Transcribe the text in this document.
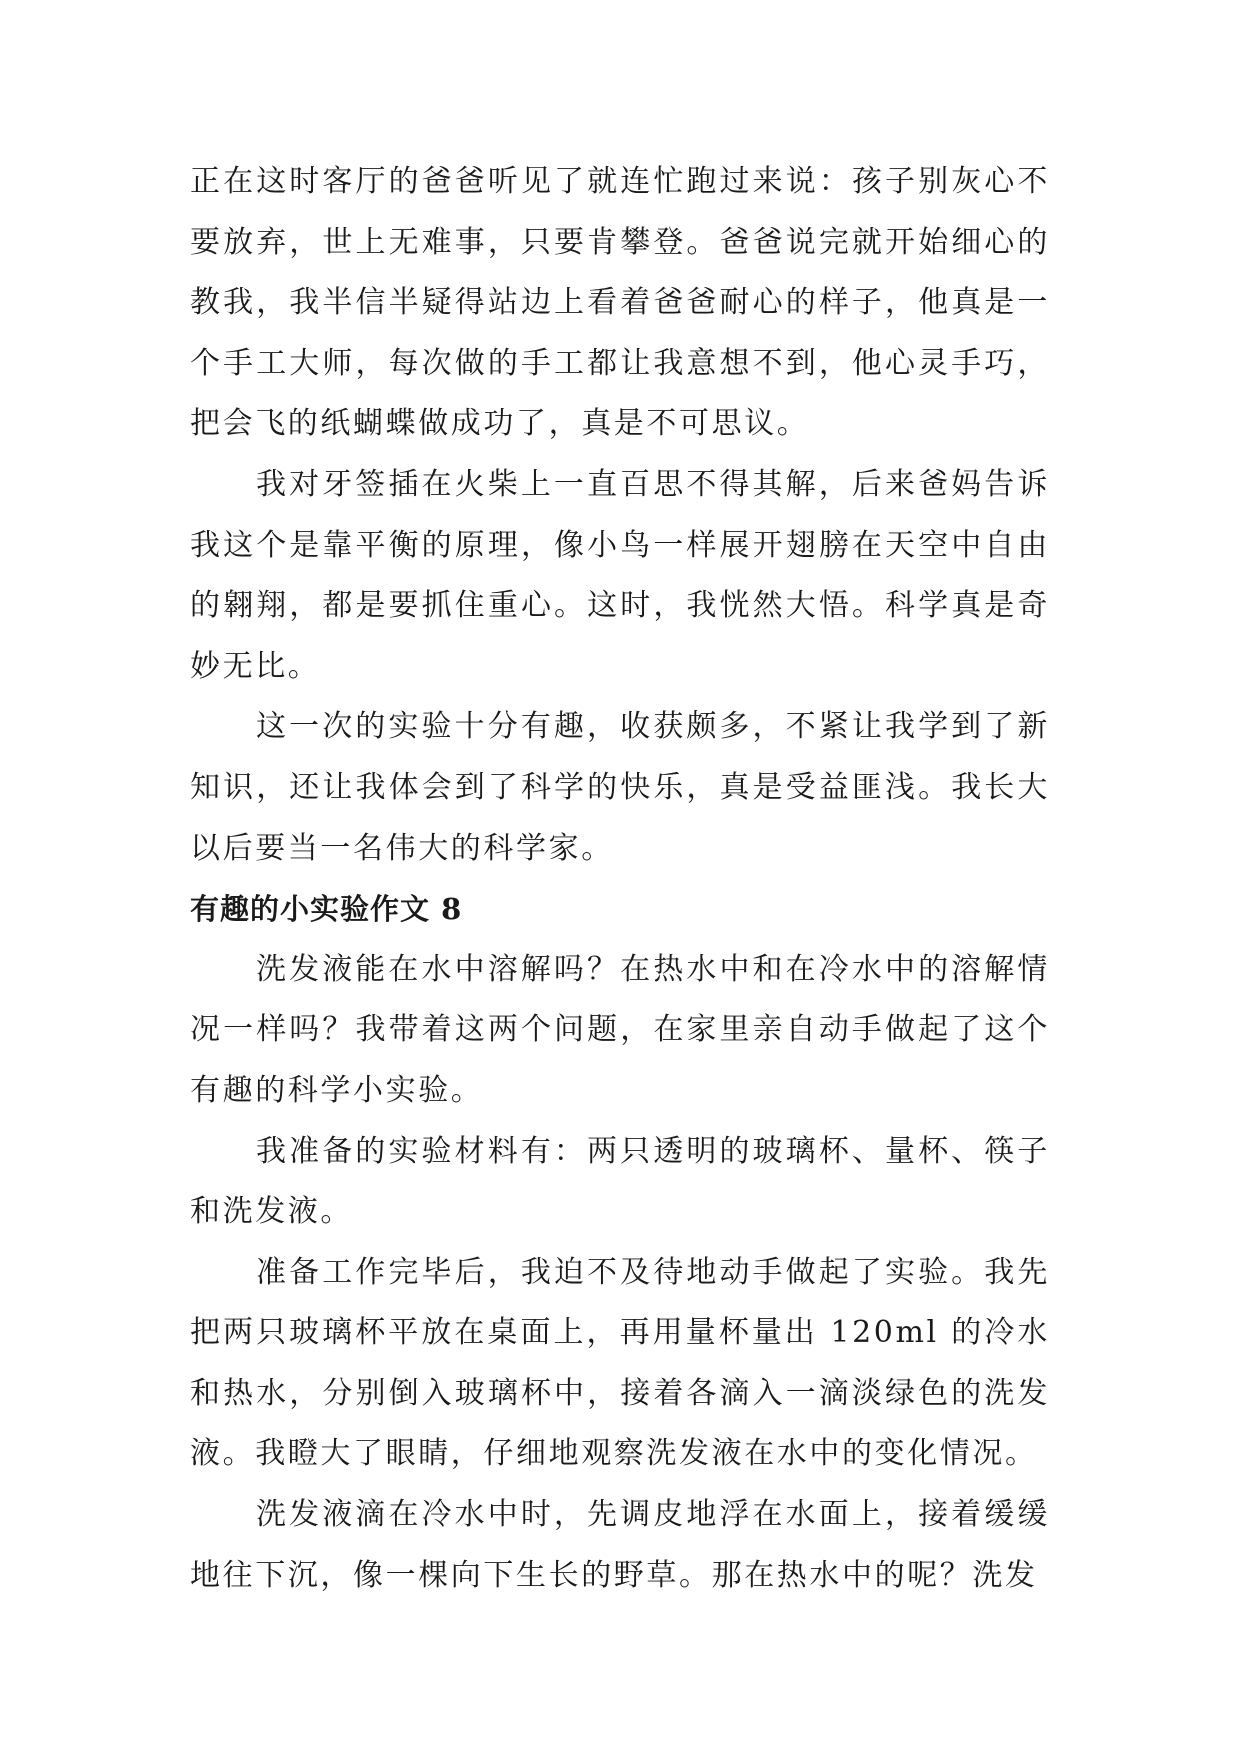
正在这时客厅的爸爸听见了就连忙跑过来说：孩子别灰心不要放弃，世上无难事，只要肯攀登。爸爸说完就开始细心的教我，我半信半疑得站边上看着爸爸耐心的样子，他真是一个手工大师，每次做的手工都让我意想不到，他心灵手巧，把会飞的纸蝴蝶做成功了，真是不可思议。

我对牙签插在火柴上一直百思不得其解，后来爸妈告诉我这个是靠平衡的原理，像小鸟一样展开翅膀在天空中自由的翱翔，都是要抓住重心。这时，我恍然大悟。科学真是奇妙无比。

这一次的实验十分有趣，收获颇多，不紧让我学到了新知识，还让我体会到了科学的快乐，真是受益匪浅。我长大以后要当一名伟大的科学家。

有趣的小实验作文 8

洗发液能在水中溶解吗？在热水中和在冷水中的溶解情况一样吗？我带着这两个问题，在家里亲自动手做起了这个有趣的科学小实验。

我准备的实验材料有：两只透明的玻璃杯、量杯、筷子和洗发液。

准备工作完毕后，我迫不及待地动手做起了实验。我先把两只玻璃杯平放在桌面上，再用量杯量出 120ml 的冷水和热水，分别倒入玻璃杯中，接着各滴入一滴淡绿色的洗发液。我瞪大了眼睛，仔细地观察洗发液在水中的变化情况。

洗发液滴在冷水中时，先调皮地浮在水面上，接着缓缓地往下沉，像一棵向下生长的野草。那在热水中的呢？洗发
